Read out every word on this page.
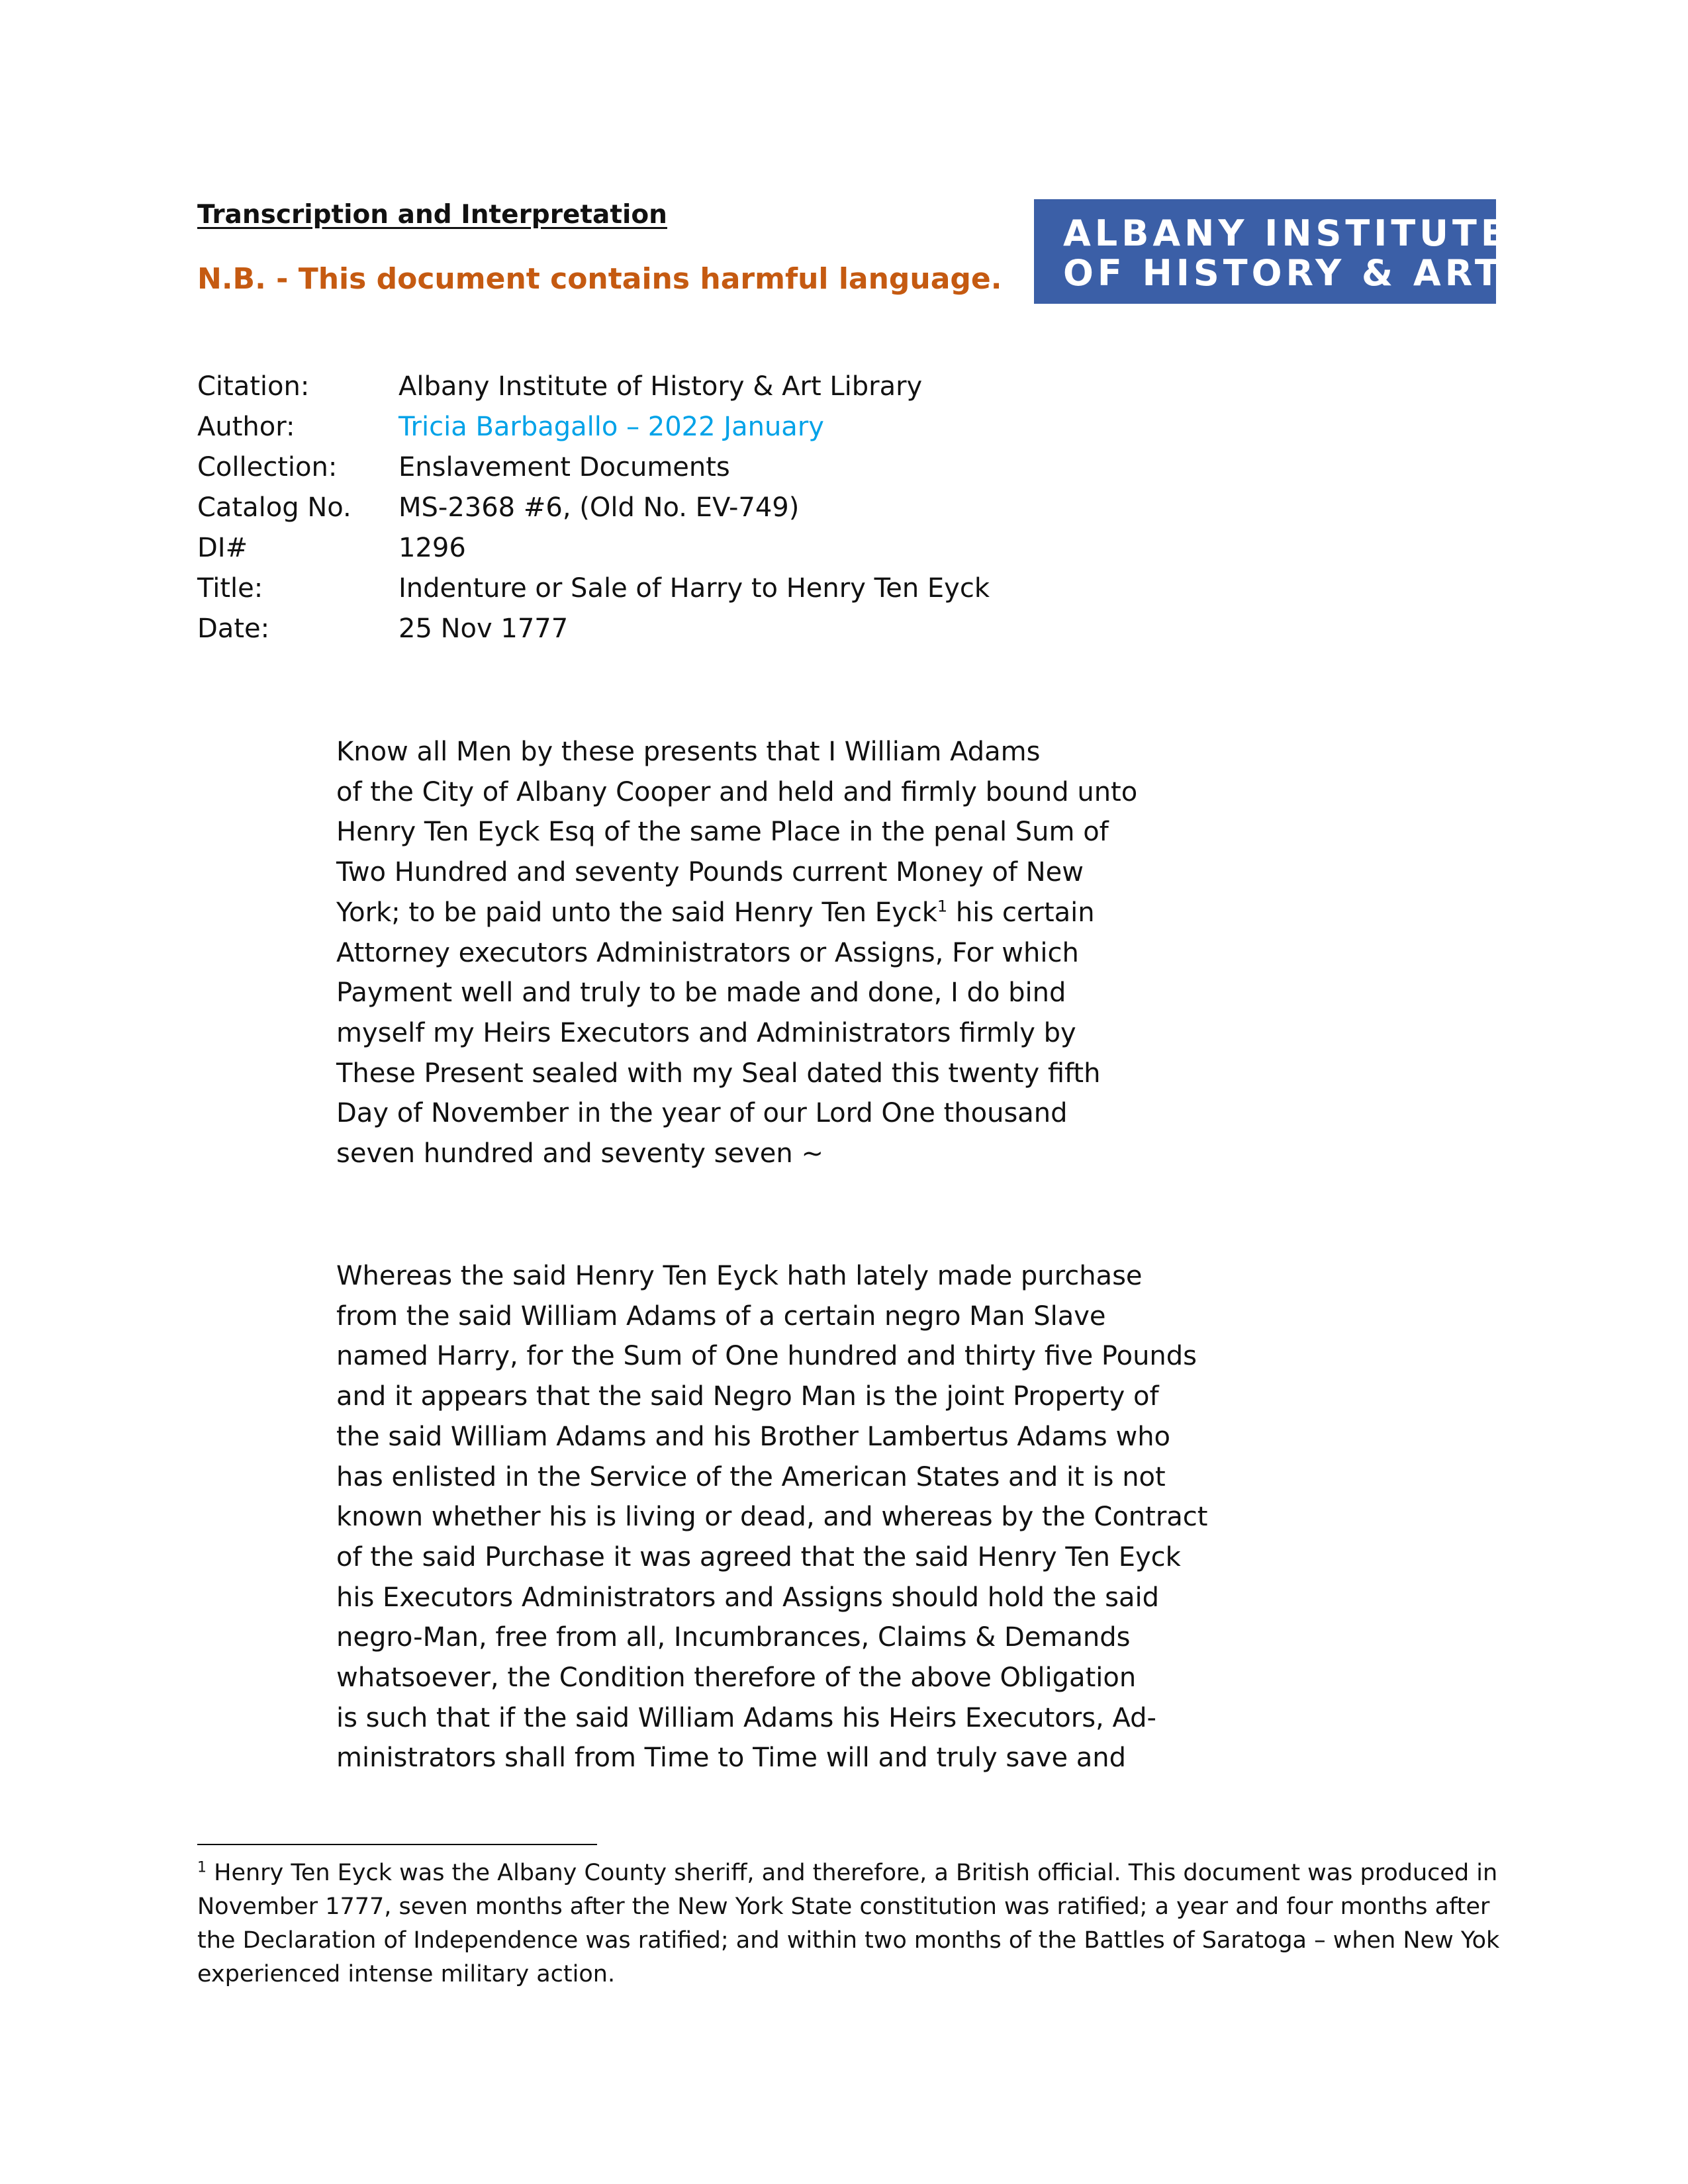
Transcription and Interpretation
N.B. - This document contains harmful language.
ALBANY INSTITUTE
OF HISTORY & ART
Citation:	Albany Institute of History & Art Library
Author:	Tricia Barbagallo – 2022 January
Collection: Enslavement Documents
Catalog No. MS-2368 #6, (Old No. EV-749)
DI#	1296
Title:	Indenture or Sale of Harry to Henry Ten Eyck
Date:	25 Nov 1777
Know all Men by these presents that I William Adams
of the City of Albany Cooper and held and firmly bound unto
Henry Ten Eyck Esq of the same Place in the penal Sum of
Two Hundred and seventy Pounds current Money of New
York; to be paid unto the said Henry Ten Eyck$^1$ his certain
Attorney executors Administrators or Assigns, For which
Payment well and truly to be made and done, I do bind
myself my Heirs Executors and Administrators firmly by
These Present sealed with my Seal dated this twenty fifth
Day of November in the year of our Lord One thousand
seven hundred and seventy seven ~
Whereas the said Henry Ten Eyck hath lately made purchase
from the said William Adams of a certain negro Man Slave
named Harry, for the Sum of One hundred and thirty five Pounds
and it appears that the said Negro Man is the joint Property of
the said William Adams and his Brother Lambertus Adams who
has enlisted in the Service of the American States and it is not
known whether his is living or dead, and whereas by the Contract
of the said Purchase it was agreed that the said Henry Ten Eyck
his Executors Administrators and Assigns should hold the said
negro-Man, free from all, Incumbrances, Claims & Demands
whatsoever, the Condition therefore of the above Obligation
is such that if the said William Adams his Heirs Executors, Ad-
ministrators shall from Time to Time will and truly save and
$^1$ Henry Ten Eyck was the Albany County sheriff, and therefore, a British official. This document was produced in
November 1777, seven months after the New York State constitution was ratified; a year and four months after
the Declaration of Independence was ratified; and within two months of the Battles of Saratoga – when New Yok
experienced intense military action.
